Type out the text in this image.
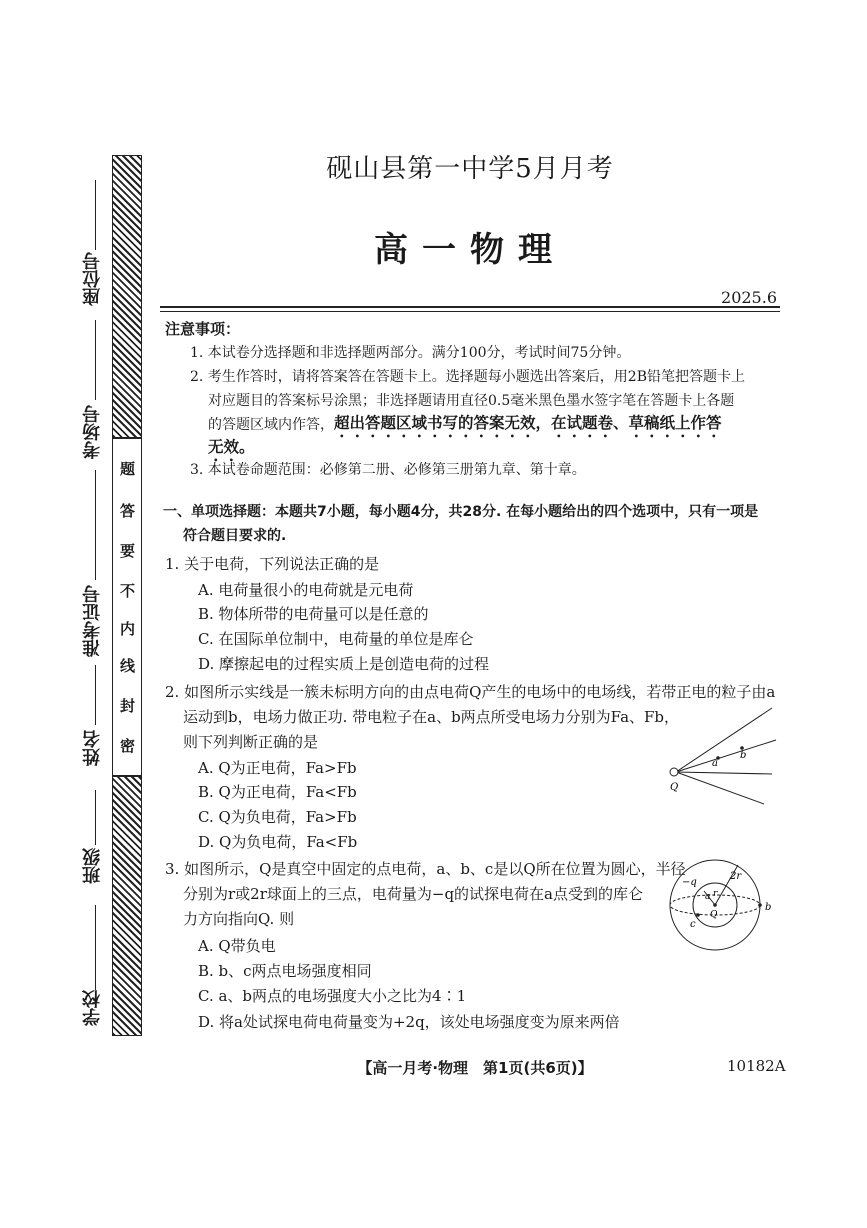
座位号
考场号
准考证号
姓名
班级
学校
题
答
要
不
内
线
封
密
砚山县第一中学5月月考
高一物理
2025.6
注意事项：
1. 本试卷分选择题和非选择题两部分。满分100分，考试时间75分钟。
2. 考生作答时，请将答案答在答题卡上。选择题每小题选出答案后，用2B铅笔把答题卡上
对应题目的答案标号涂黑；非选择题请用直径0.5毫米黑色墨水签字笔在答题卡上各题
的答题区域内作答， 超出答题区域书写的答案无效，在试题卷、草稿纸上作答
无效。
3. 本试卷命题范围：必修第二册、必修第三册第九章、第十章。
一、单项选择题：本题共7小题，每小题4分，共28分. 在每小题给出的四个选项中，只有一项是
符合题目要求的.
1. 关于电荷，下列说法正确的是
A. 电荷量很小的电荷就是元电荷
B. 物体所带的电荷量可以是任意的
C. 在国际单位制中，电荷量的单位是库仑
D. 摩擦起电的过程实质上是创造电荷的过程
2. 如图所示实线是一簇未标明方向的由点电荷Q产生的电场中的电场线，若带正电的粒子由a
运动到b，电场力做正功. 带电粒子在a、b两点所受电场力分别为Fa、Fb，
则下列判断正确的是
A. Q为正电荷，Fa>Fb
B. Q为正电荷，Fa<Fb
C. Q为负电荷，Fa>Fb
D. Q为负电荷，Fa<Fb
Q
a
b
3. 如图所示，Q是真空中固定的点电荷，a、b、c是以Q所在位置为圆心，半径
分别为r或2r球面上的三点，电荷量为−q的试探电荷在a点受到的库仑
力方向指向Q. 则
A. Q带负电
B. b、c两点电场强度相同
C. a、b两点的电场强度大小之比为4∶1
D. 将a处试探电荷电荷量变为+2q，该处电场强度变为原来两倍
−q
2r
a r
Q
b
c
【高一月考·物理　第1页(共6页)】	10182A
